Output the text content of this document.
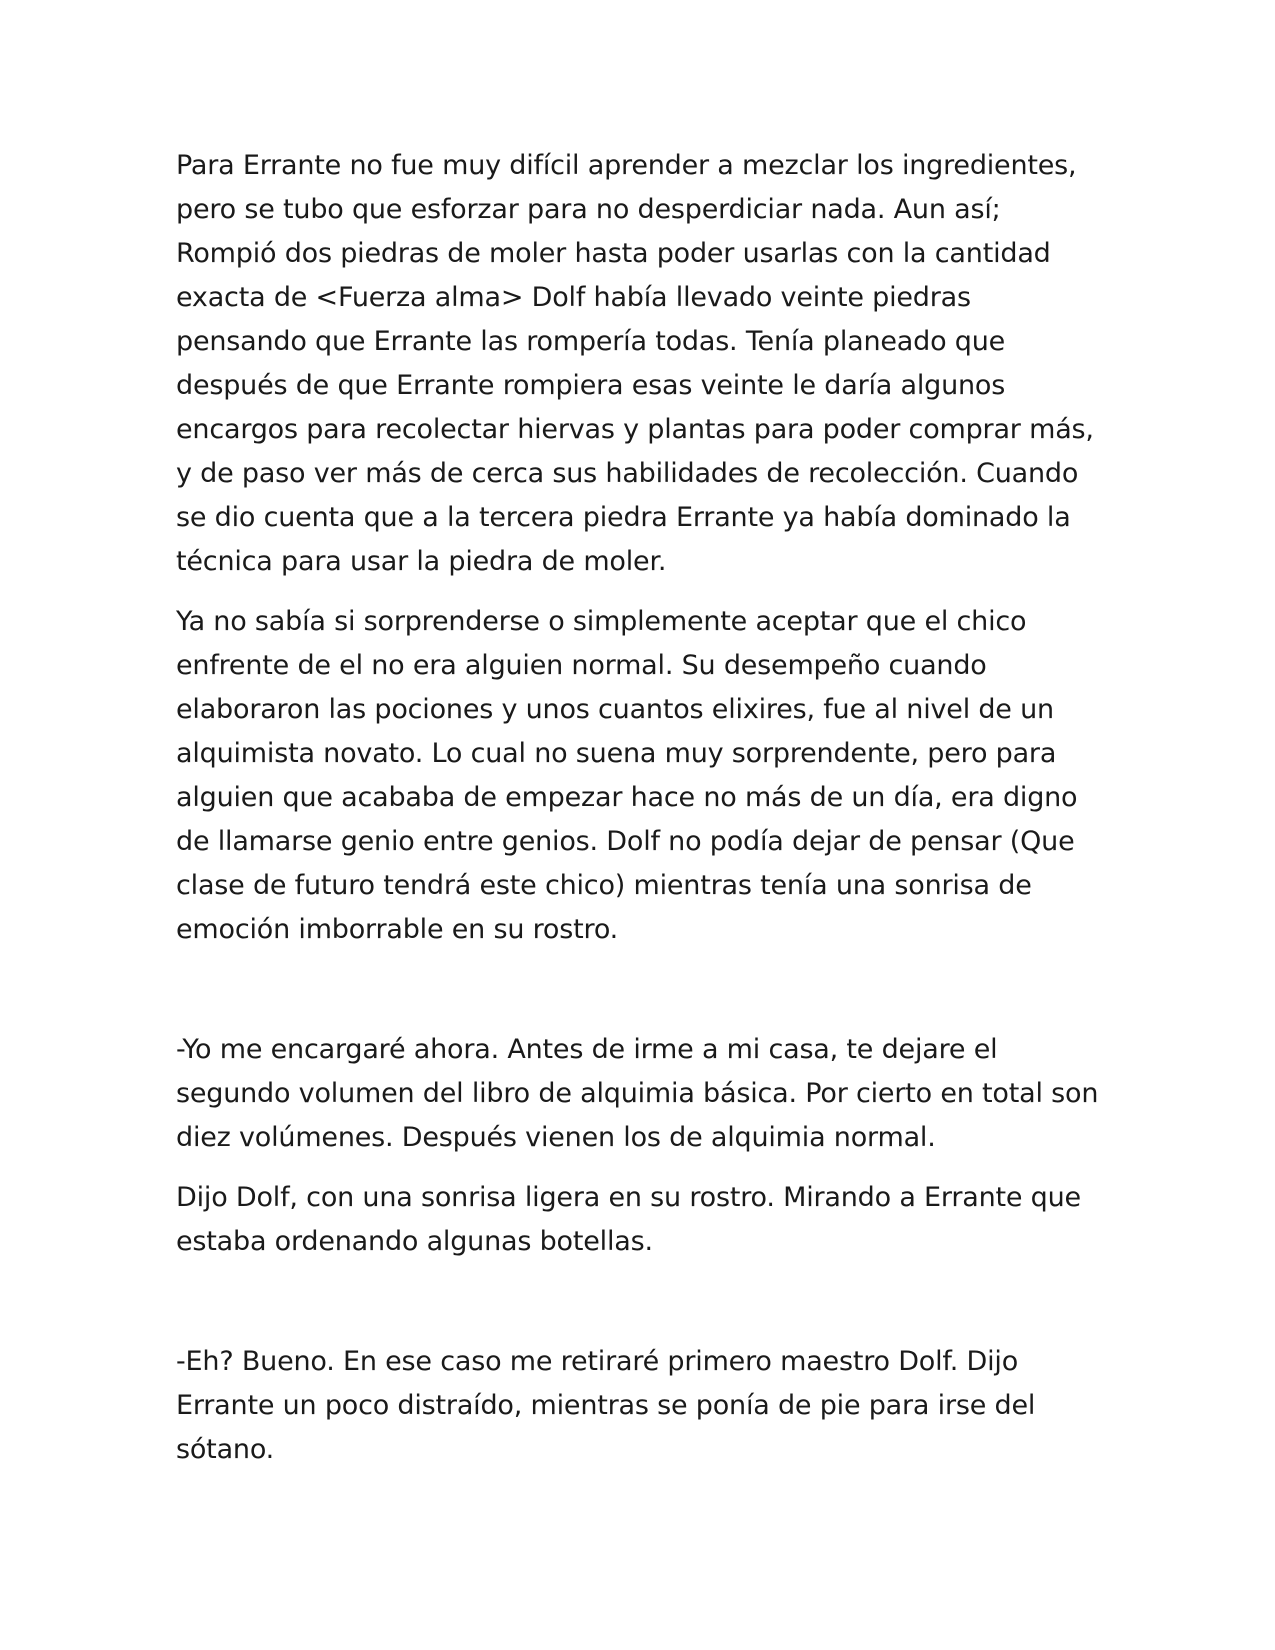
Para Errante no fue muy difícil aprender a mezclar los ingredientes, pero se tubo que esforzar para no desperdiciar nada. Aun así; Rompió dos piedras de moler hasta poder usarlas con la cantidad exacta de <Fuerza alma> Dolf había llevado veinte piedras pensando que Errante las rompería todas. Tenía planeado que después de que Errante rompiera esas veinte le daría algunos encargos para recolectar hiervas y plantas para poder comprar más, y de paso ver más de cerca sus habilidades de recolección. Cuando se dio cuenta que a la tercera piedra Errante ya había dominado la técnica para usar la piedra de moler.

Ya no sabía si sorprenderse o simplemente aceptar que el chico enfrente de el no era alguien normal. Su desempeño cuando elaboraron las pociones y unos cuantos elixires, fue al nivel de un alquimista novato. Lo cual no suena muy sorprendente, pero para alguien que acababa de empezar hace no más de un día, era digno de llamarse genio entre genios. Dolf no podía dejar de pensar (Que clase de futuro tendrá este chico) mientras tenía una sonrisa de emoción imborrable en su rostro.

-Yo me encargaré ahora. Antes de irme a mi casa, te dejare el segundo volumen del libro de alquimia básica. Por cierto en total son diez volúmenes. Después vienen los de alquimia normal.

Dijo Dolf, con una sonrisa ligera en su rostro. Mirando a Errante que estaba ordenando algunas botellas.

-Eh? Bueno. En ese caso me retiraré primero maestro Dolf. Dijo Errante un poco distraído, mientras se ponía de pie para irse del sótano.
